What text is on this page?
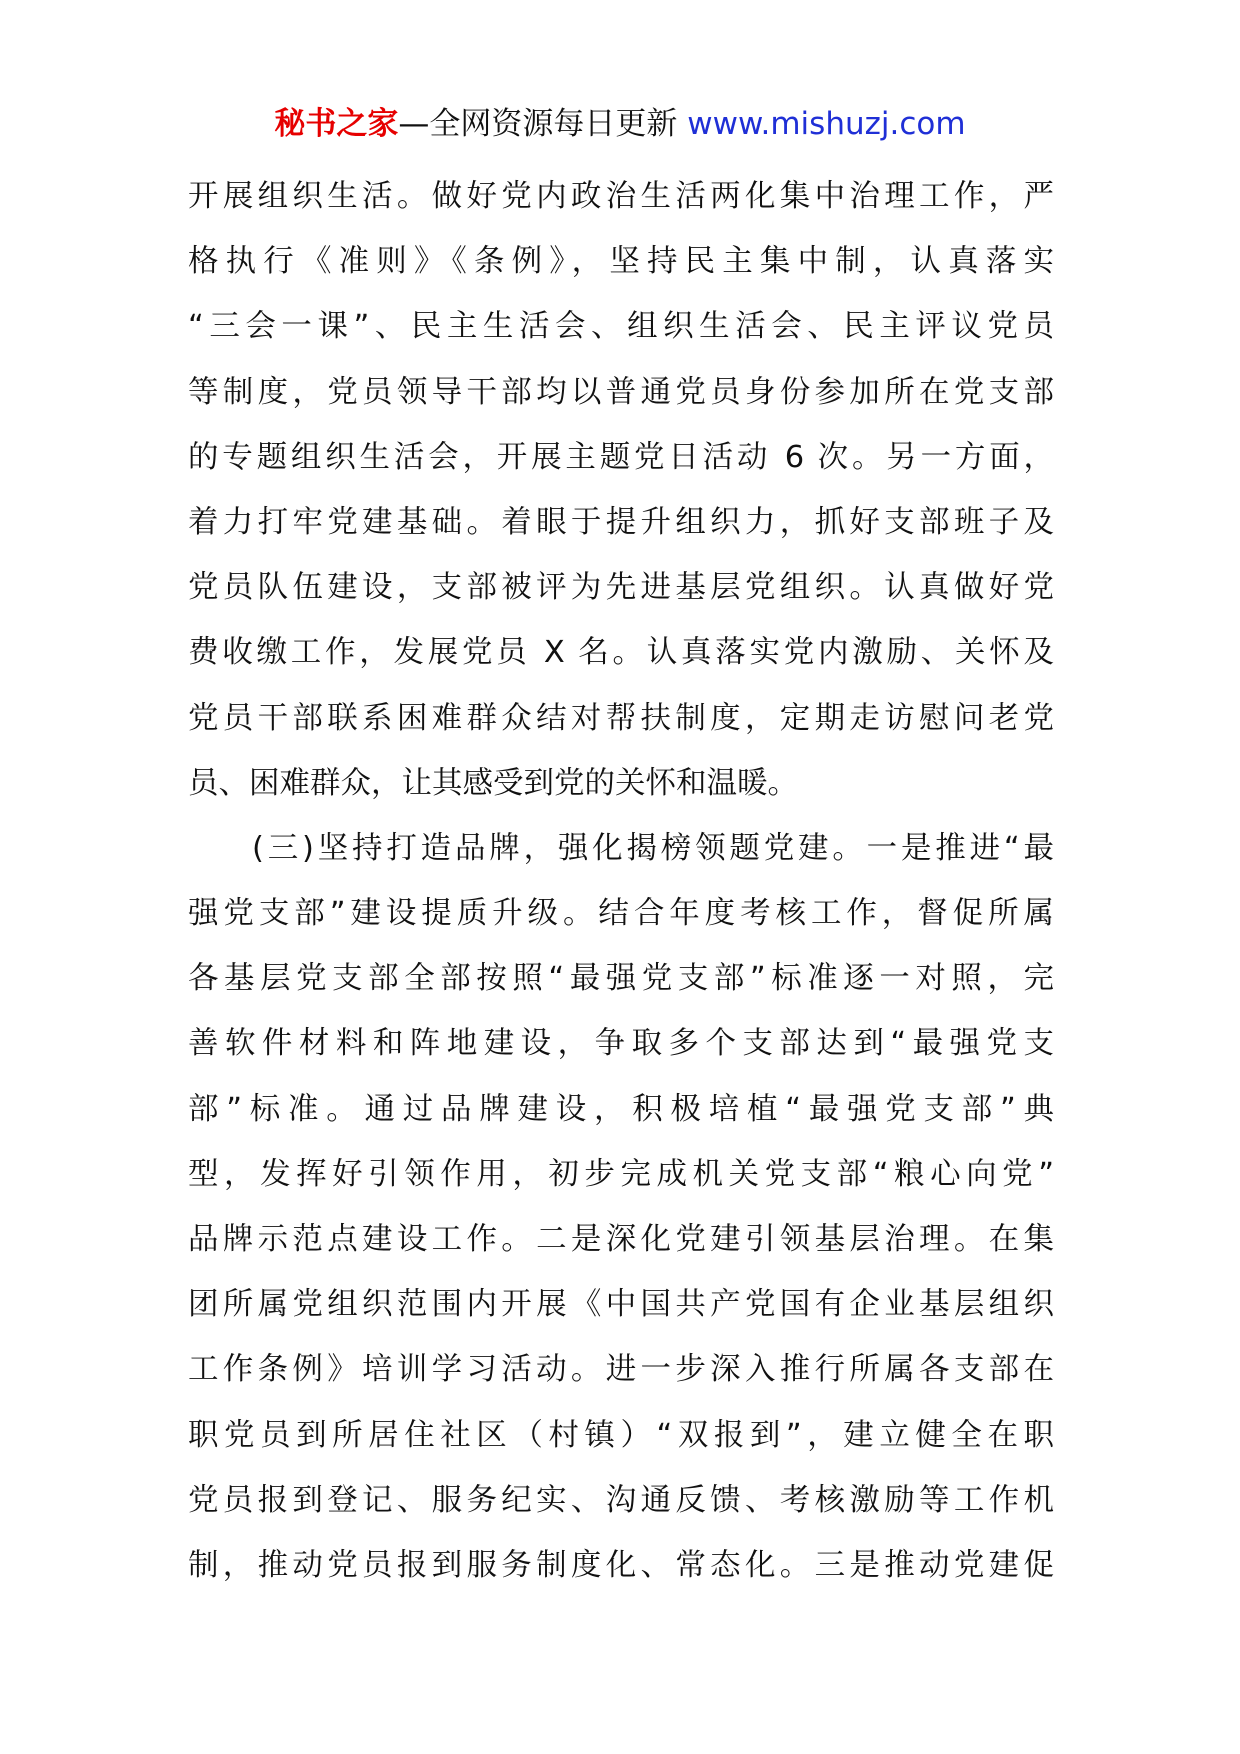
秘书之家—全网资源每日更新 www.mishuzj.com
开展组织生活。做好党内政治生活两化集中治理工作，严
格执行《准则》《条例》，坚持民主集中制，认真落实
“三会一课”、民主生活会、组织生活会、民主评议党员
等制度，党员领导干部均以普通党员身份参加所在党支部
的专题组织生活会，开展主题党日活动 6 次。另一方面，
着力打牢党建基础。着眼于提升组织力，抓好支部班子及
党员队伍建设，支部被评为先进基层党组织。认真做好党
费收缴工作，发展党员 X 名。认真落实党内激励、关怀及
党员干部联系困难群众结对帮扶制度，定期走访慰问老党
员、困难群众，让其感受到党的关怀和温暖。
(三)坚持打造品牌，强化揭榜领题党建。一是推进“最
强党支部”建设提质升级。结合年度考核工作，督促所属
各基层党支部全部按照“最强党支部”标准逐一对照，完
善软件材料和阵地建设，争取多个支部达到“最强党支
部”标准。通过品牌建设，积极培植“最强党支部”典
型，发挥好引领作用，初步完成机关党支部“粮心向党”
品牌示范点建设工作。二是深化党建引领基层治理。在集
团所属党组织范围内开展《中国共产党国有企业基层组织
工作条例》培训学习活动。进一步深入推行所属各支部在
职党员到所居住社区（村镇）“双报到”，建立健全在职
党员报到登记、服务纪实、沟通反馈、考核激励等工作机
制，推动党员报到服务制度化、常态化。三是推动党建促
